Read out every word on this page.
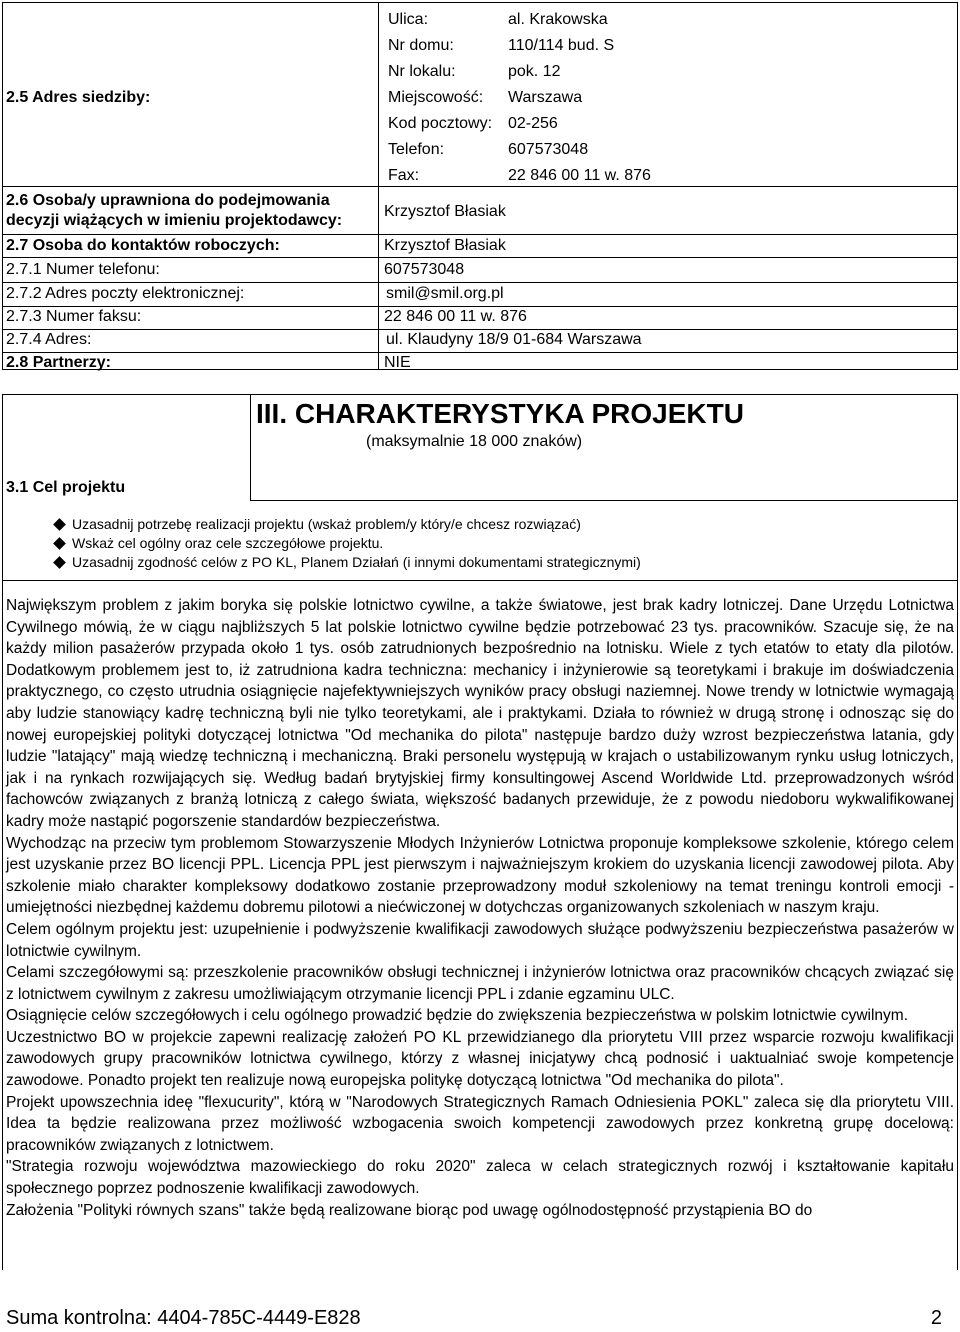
2.5 Adres siedziby:
Ulica:	al. Krakowska
Nr domu:	110/114 bud. S
Nr lokalu:	pok. 12
Miejscowość: Warszawa
Kod pocztowy: 02-256
Telefon:	607573048
Fax:	22 846 00 11 w. 876
2.6 Osoba/y uprawniona do podejmowania
decyzji wiążących w imieniu projektodawcy:
Krzysztof Błasiak
2.7 Osoba do kontaktów roboczych:	Krzysztof Błasiak
2.7.1 Numer telefonu:	607573048
2.7.2 Adres poczty elektronicznej:	smil@smil.org.pl
2.7.3 Numer faksu:	22 846 00 11 w. 876
2.7.4 Adres:	ul. Klaudyny 18/9 01-684 Warszawa
2.8 Partnerzy:	NIE
III. CHARAKTERYSTYKA PROJEKTU
(maksymalnie 18 000 znaków)
3.1 Cel projektu
Uzasadnij potrzebę realizacji projektu (wskaż problem/y który/e chcesz rozwiązać)
Wskaż cel ogólny oraz cele szczegółowe projektu.
Uzasadnij zgodność celów z PO KL, Planem Działań (i innymi dokumentami strategicznymi)

Największym problem z jakim boryka się polskie lotnictwo cywilne, a także światowe, jest brak kadry lotniczej. Dane Urzędu Lotnictwa Cywilnego mówią, że w ciągu najbliższych 5 lat polskie lotnictwo cywilne będzie potrzebować 23 tys. pracowników. Szacuje się, że na każdy milion pasażerów przypada około 1 tys. osób zatrudnionych bezpośrednio na lotnisku. Wiele z tych etatów to etaty dla pilotów. Dodatkowym problemem jest to, iż zatrudniona kadra techniczna: mechanicy i inżynierowie są teoretykami i brakuje im doświadczenia praktycznego, co często utrudnia osiągnięcie najefektywniejszych wyników pracy obsługi naziemnej. Nowe trendy w lotnictwie wymagają aby ludzie stanowiący kadrę techniczną byli nie tylko teoretykami, ale i praktykami. Działa to również w drugą stronę i odnosząc się do nowej europejskiej polityki dotyczącej lotnictwa "Od mechanika do pilota" następuje bardzo duży wzrost bezpieczeństwa latania, gdy ludzie "latający" mają wiedzę techniczną i mechaniczną. Braki personelu występują w krajach o ustabilizowanym rynku usług lotniczych, jak i na rynkach rozwijających się. Według badań brytyjskiej firmy konsultingowej Ascend Worldwide Ltd. przeprowadzonych wśród fachowców związanych z branżą lotniczą z całego świata, większość badanych przewiduje, że z powodu niedoboru wykwalifikowanej kadry może nastąpić pogorszenie standardów bezpieczeństwa.

Wychodząc na przeciw tym problemom Stowarzyszenie Młodych Inżynierów Lotnictwa proponuje kompleksowe szkolenie, którego celem jest uzyskanie przez BO licencji PPL. Licencja PPL jest pierwszym i najważniejszym krokiem do uzyskania licencji zawodowej pilota. Aby szkolenie miało charakter kompleksowy dodatkowo zostanie przeprowadzony moduł szkoleniowy na temat treningu kontroli emocji - umiejętności niezbędnej każdemu dobremu pilotowi a niećwiczonej w dotychczas organizowanych szkoleniach w naszym kraju.

Celem ogólnym projektu jest: uzupełnienie i podwyższenie kwalifikacji zawodowych służące podwyższeniu bezpieczeństwa pasażerów w lotnictwie cywilnym.

Celami szczegółowymi są: przeszkolenie pracowników obsługi technicznej i inżynierów lotnictwa oraz pracowników chcących związać się z lotnictwem cywilnym z zakresu umożliwiającym otrzymanie licencji PPL i zdanie egzaminu ULC.

Osiągnięcie celów szczegółowych i celu ogólnego prowadzić będzie do zwiększenia bezpieczeństwa w polskim lotnictwie cywilnym.

Uczestnictwo BO w projekcie zapewni realizację założeń PO KL przewidzianego dla priorytetu VIII przez wsparcie rozwoju kwalifikacji zawodowych grupy pracowników lotnictwa cywilnego, którzy z własnej inicjatywy chcą podnosić i uaktualniać swoje kompetencje zawodowe. Ponadto projekt ten realizuje nową europejska politykę dotyczącą lotnictwa "Od mechanika do pilota".

Projekt upowszechnia ideę "flexucurity", którą w "Narodowych Strategicznych Ramach Odniesienia POKL" zaleca się dla priorytetu VIII. Idea ta będzie realizowana przez możliwość wzbogacenia swoich kompetencji zawodowych przez konkretną grupę docelową: pracowników związanych z lotnictwem.

"Strategia rozwoju województwa mazowieckiego do roku 2020" zaleca w celach strategicznych rozwój i kształtowanie kapitału społecznego poprzez podnoszenie kwalifikacji zawodowych.

Założenia "Polityki równych szans" także będą realizowane biorąc pod uwagę ogólnodostępność przystąpienia BO do

Suma kontrolna: 4404-785C-4449-E828	2
